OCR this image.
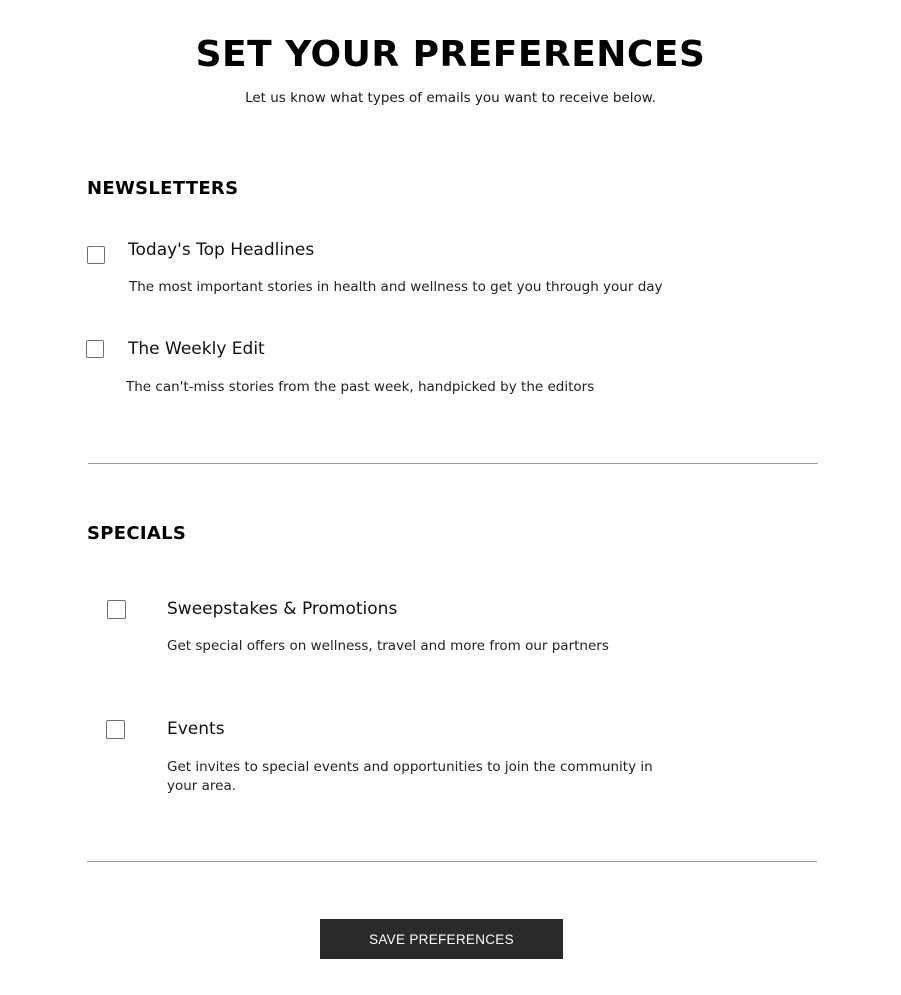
SET YOUR PREFERENCES

Let us know what types of emails you want to receive below.

NEWSLETTERS
Today's Top Headlines

The most important stories in health and wellness to get you through your day

The Weekly Edit

The can't-miss stories from the past week, handpicked by the editors

SPECIALS
Sweepstakes & Promotions

Get special offers on wellness, travel and more from our partners

Events

Get invites to special events and opportunities to join the community in your area.

SAVE PREFERENCES
